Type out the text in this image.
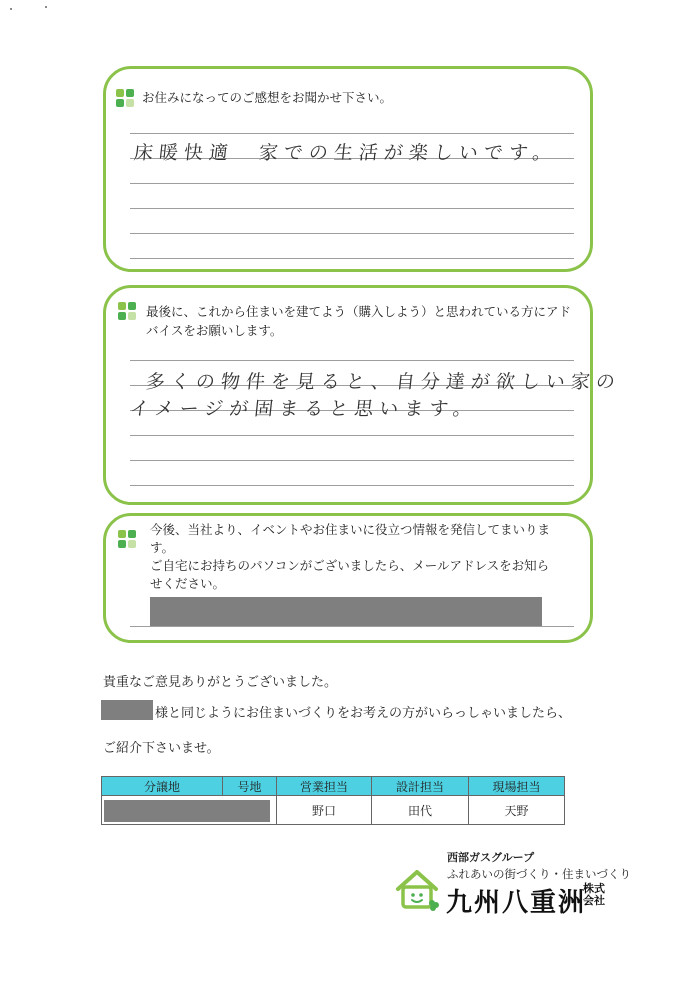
お住みになってのご感想をお聞かせ下さい。
床暖快適　家での生活が楽しいです。
最後に、これから住まいを建てよう（購入しよう）と思われている方にアド
バイスをお願いします。
多くの物件を見ると、自分達が欲しい家の
イメージが固まると思います。
今後、当社より、イベントやお住まいに役立つ情報を発信してまいりま
す。
ご自宅にお持ちのパソコンがございましたら、メールアドレスをお知ら
せください。
貴重なご意見ありがとうございました。
様と同じようにお住まいづくりをお考えの方がいらっしゃいましたら、
ご紹介下さいませ。
分譲地	号地	営業担当	設計担当	現場担当

		野口	田代	天野
西部ガスグループ
ふれあいの街づくり・住まいづくり
九州八重洲
株式会社
